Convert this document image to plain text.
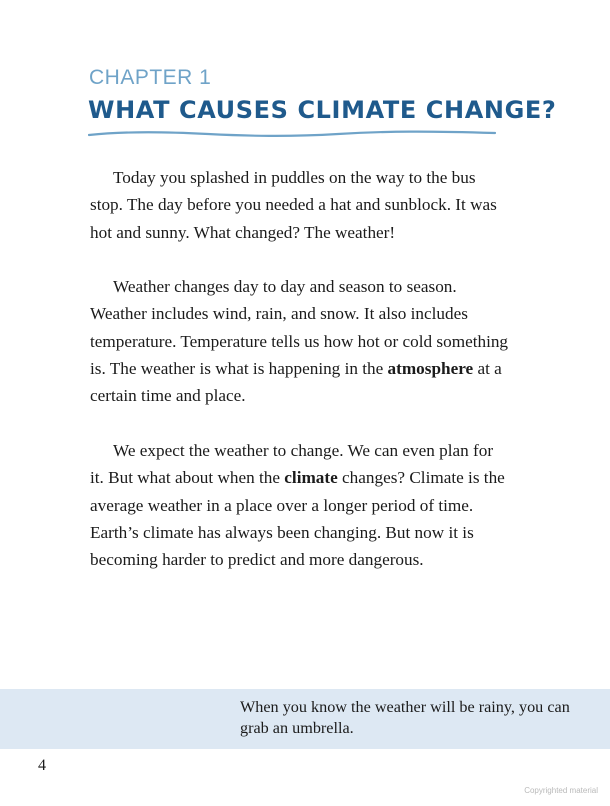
CHAPTER 1
WHAT CAUSES CLIMATE CHANGE?

Today you splashed in puddles on the way to the bus stop. The day before you needed a hat and sunblock. It was hot and sunny. What changed? The weather!

Weather changes day to day and season to season. Weather includes wind, rain, and snow. It also includes temperature. Temperature tells us how hot or cold something is. The weather is what is happening in the atmosphere at a certain time and place.

We expect the weather to change. We can even plan for it. But what about when the climate changes? Climate is the average weather in a place over a longer period of time. Earth’s climate has always been changing. But now it is becoming harder to predict and more dangerous.

When you know the weather will be rainy, you can grab an umbrella.

4

Copyrighted material
